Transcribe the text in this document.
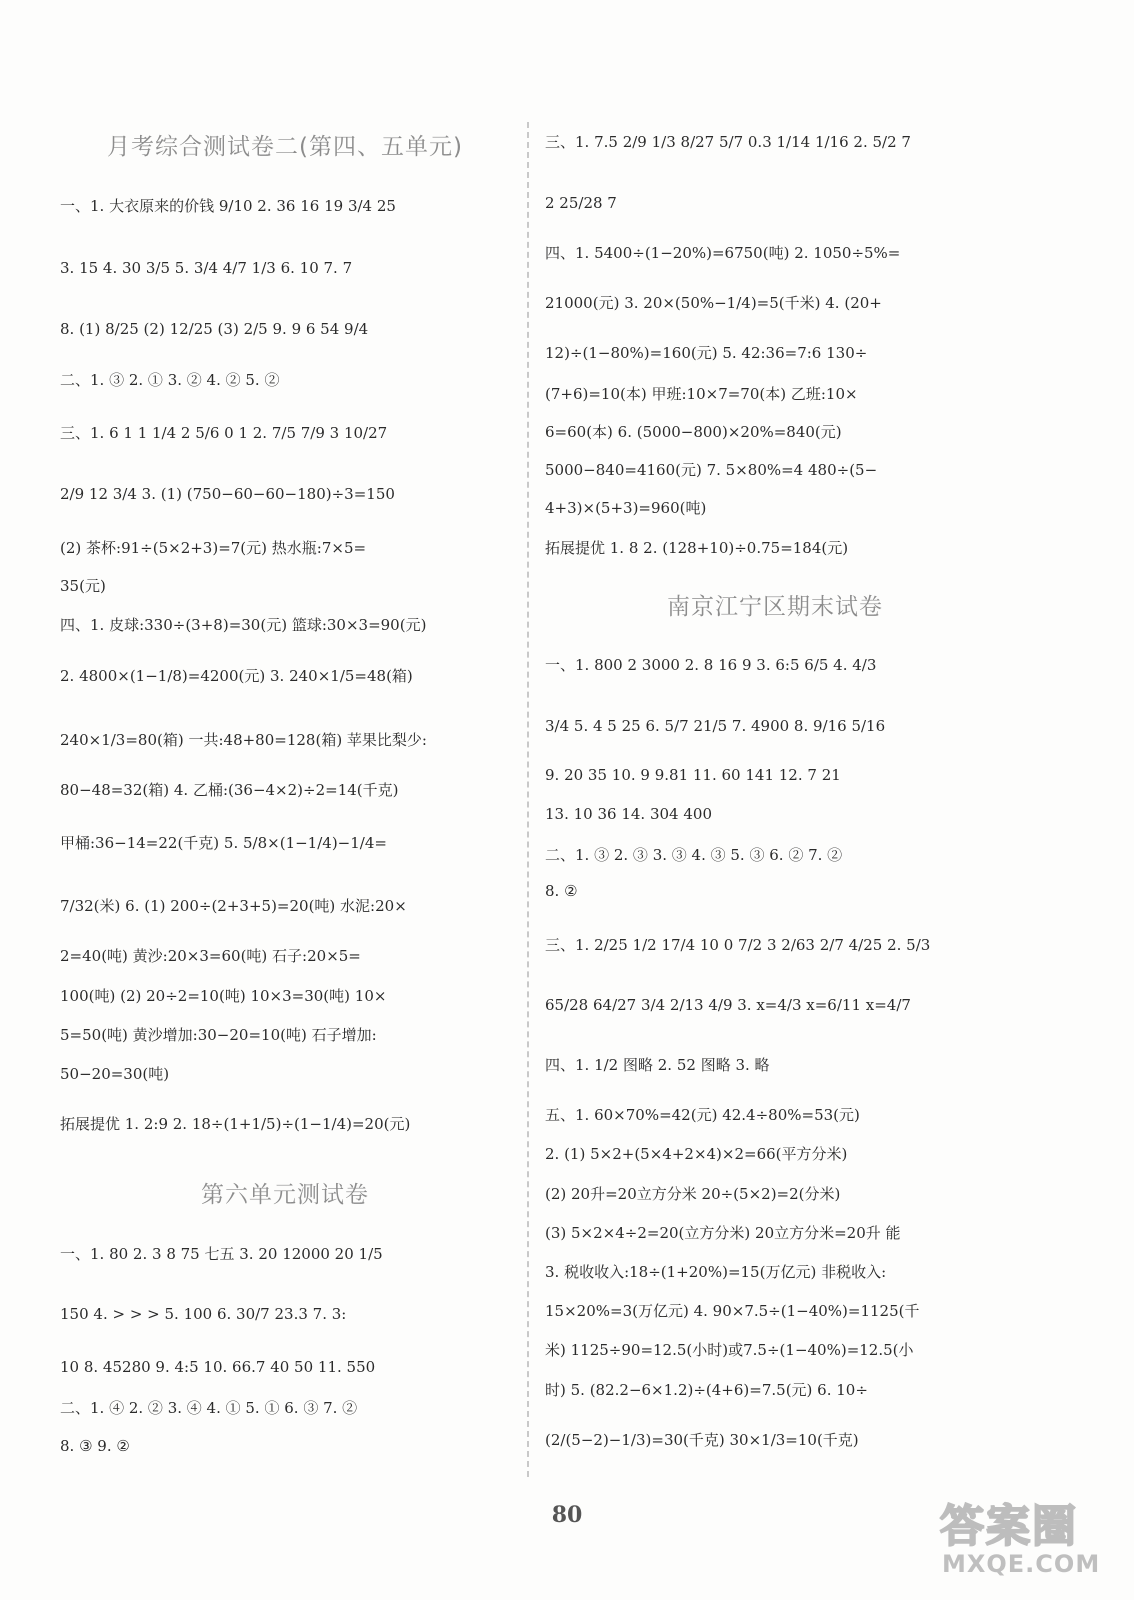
月考综合测试卷二(第四、五单元)
一、1. 大衣原来的价钱 9/10 2. 36 16 19 3/4 25
3. 15 4. 30 3/5 5. 3/4 4/7 1/3 6. 10 7. 7
8. (1) 8/25 (2) 12/25 (3) 2/5 9. 9 6 54 9/4
二、1. ③ 2. ① 3. ② 4. ② 5. ②
三、1. 6 1 1 1/4 2 5/6 0 1 2. 7/5 7/9 3 10/27
2/9 12 3/4 3. (1) (750−60−60−180)÷3=150
(2) 茶杯:91÷(5×2+3)=7(元) 热水瓶:7×5=
35(元)
四、1. 皮球:330÷(3+8)=30(元) 篮球:30×3=90(元)
2. 4800×(1−1/8)=4200(元) 3. 240×1/5=48(箱)
240×1/3=80(箱) 一共:48+80=128(箱) 苹果比梨少:
80−48=32(箱) 4. 乙桶:(36−4×2)÷2=14(千克)
甲桶:36−14=22(千克) 5. 5/8×(1−1/4)−1/4=
7/32(米) 6. (1) 200÷(2+3+5)=20(吨) 水泥:20×
2=40(吨) 黄沙:20×3=60(吨) 石子:20×5=
100(吨) (2) 20÷2=10(吨) 10×3=30(吨) 10×
5=50(吨) 黄沙增加:30−20=10(吨) 石子增加:
50−20=30(吨)
拓展提优 1. 2:9 2. 18÷(1+1/5)÷(1−1/4)=20(元)
第六单元测试卷
一、1. 80 2. 3 8 75 七五 3. 20 12000 20 1/5
150 4. > > > 5. 100 6. 30/7 23.3 7. 3:
10 8. 45280 9. 4:5 10. 66.7 40 50 11. 550
二、1. ④ 2. ② 3. ④ 4. ① 5. ① 6. ③ 7. ②
8. ③ 9. ②
三、1. 7.5 2/9 1/3 8/27 5/7 0.3 1/14 1/16 2. 5/2 7
2 25/28 7
四、1. 5400÷(1−20%)=6750(吨) 2. 1050÷5%=
21000(元) 3. 20×(50%−1/4)=5(千米) 4. (20+
12)÷(1−80%)=160(元) 5. 42:36=7:6 130÷
(7+6)=10(本) 甲班:10×7=70(本) 乙班:10×
6=60(本) 6. (5000−800)×20%=840(元)
5000−840=4160(元) 7. 5×80%=4 480÷(5−
4+3)×(5+3)=960(吨)
拓展提优 1. 8 2. (128+10)÷0.75=184(元)
南京江宁区期末试卷
一、1. 800 2 3000 2. 8 16 9 3. 6:5 6/5 4. 4/3
3/4 5. 4 5 25 6. 5/7 21/5 7. 4900 8. 9/16 5/16
9. 20 35 10. 9 9.81 11. 60 141 12. 7 21
13. 10 36 14. 304 400
二、1. ③ 2. ③ 3. ③ 4. ③ 5. ③ 6. ② 7. ②
8. ②
三、1. 2/25 1/2 17/4 10 0 7/2 3 2/63 2/7 4/25 2. 5/3
65/28 64/27 3/4 2/13 4/9 3. x=4/3 x=6/11 x=4/7
四、1. 1/2 图略 2. 52 图略 3. 略
五、1. 60×70%=42(元) 42.4÷80%=53(元)
2. (1) 5×2+(5×4+2×4)×2=66(平方分米)
(2) 20升=20立方分米 20÷(5×2)=2(分米)
(3) 5×2×4÷2=20(立方分米) 20立方分米=20升 能
3. 税收收入:18÷(1+20%)=15(万亿元) 非税收入:
15×20%=3(万亿元) 4. 90×7.5÷(1−40%)=1125(千
米) 1125÷90=12.5(小时)或7.5÷(1−40%)=12.5(小
时) 5. (82.2−6×1.2)÷(4+6)=7.5(元) 6. 10÷
(2/(5−2)−1/3)=30(千克) 30×1/3=10(千克)
80	答案圈
MXQE.COM
